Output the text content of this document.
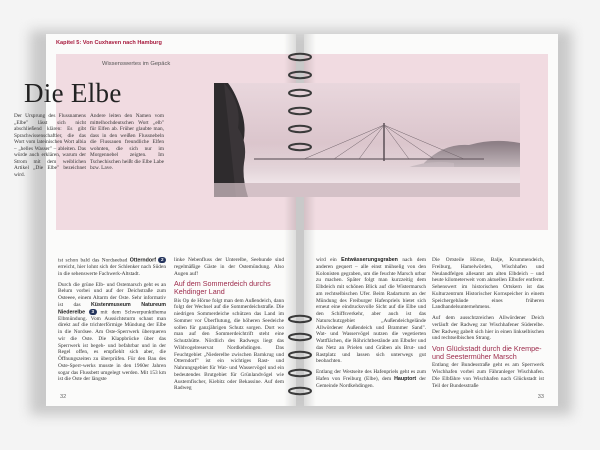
Kapitel 5: Von Cuxhaven nach Hamburg
ist schon bald das Nordseebad Otterndorf 2 erreicht, hier lohnt sich der Schlenker nach Süden in die sehenswerte Fachwerk-Altstadt.
Durch die grüne Elb- und Ostemarsch geht es an Belum vorbei und auf der Deichstraße zum Osteeee, einem Altarm der Oste. Sehr informativ ist das Küstenmuseum Natureum Niederelbe 3 mit dem Schwerpunktthema Elbmündung. Vom Aussichtsturm schaut man direkt auf die trichterförmige Mündung der Elbe in die Nordsee. Am Oste-Sperrwerk überqueren wir die Oste. Die Klappbrücke über das Sperrwerk ist begeh- und befahrbar und in der Regel offen, es empfiehlt sich aber, die Öffnungszeiten zu überprüfen. Für den Bau des Oste-Sperr-werks musste in den 1960er Jahren sogar das Flussbett umgelegt werden. Mit 153 km ist die Oste der längste
linke Nebenfluss der Unterelbe, Seehunde sind regelmäßige Gäste in der Ostemündung. Also Augen auf!
Auf dem Sommerdeich durchs Kehdinger Land
Bis Op de Hörne folgt man dem Außendeich, dann folgt der Wechsel auf die Sommerdeichstraße. Die niedrigen Sommerdeiche schützen das Land im Sommer vor Überflutung, die höheren Seedeiche sollen für ganzjährigen Schutz sorgen. Dort wo man auf den Sommerdeichtrift steht eine Schutzhütte. Nördlich des Radwegs liegt das Wildvogelreservat Nordkehdingen. Das Feuchtgebiet „Niederelbe zwischen Barnkrug und Otterndorf" ist ein wichtiges Rast- und Nahrungsgebiet für Wat- und Wasservögel und ein bedeutendes Brutgebiet für Grünlandvögel wie Austernfischer, Kiebitz oder Bekassine. Auf dem Radweg
32
wird ein Entwässerungsgraben nach dem anderen gequert – alle einst mühselig von den Kolonisten gegraben, um die feuchte Marsch urbar zu machen. Später folgt man kurzzeitig dem Elbdeich mit schönen Blick auf die Wistermarsch am rechtselbischen Ufer. Beim Radarturm an der Mündung des Freiburger Hafenpriels bietet sich erneut eine eindrucksvolle Sicht auf die Elbe und den Schiffsverkehr, aber auch ist das Naturschutzgebiet „Außendeichgelände Allwördener Außendeich und Brammer Sand". Wat- und Wasservögel nutzen die vegetierten Wattflächen, die Röhrichtbestände am Elbufer und das Netz an Prielen und Gräben als Brut- und Rastplatz und lassen sich unterwegs gut beobachten.
Entlang der Westseite des Hafenpriels geht es zum Hafen von Freiburg (Elbe), dem Hauptort der Gemeinde Nordkehdingen.
Die Ortsteile Hörne, Balje, Krummendeich, Freiburg, Hamelwörden, Wischhafen und Neulandfelgen allesamt am alten Elbdeich – und heute kilometerweit vom aktuellen Elbufer entfernt. Sehenswert im historischen Ortskern ist das Kulturzentrum Historischer Kornspeicher in einem Speichergebäude eines früheren Landhandelsunternehmens.
Auf dem ausschtzreichen Allwördener Deich verläuft der Radweg zur Wischhafener Süderelbe. Der Radweg gabelt sich hier in einen linkselbischen und rechtselbischen Strang.
Von Glückstadt durch die Krempe- und Seestermüher Marsch
Entlang der Bundesstraße geht es am Sperrwerk Wischhafen vorbei zum Fähranleger Wischhafen. Die Elbfähre von Wischhafen nach Glückstadt ist Teil der Bundesstraße
33
Wissenswertes im Gepäck
Die Elbe
Der Ursprung des Flussnamens „Elbe" lässt sich nicht abschließend klären: Es gibt Sprachwissenschaftler, die das Wort vom lateinischen Wort albia – „helles Wasser" – ableiten. Das würde auch erklären, warum der Strom mit dem weiblichen Artikel „Die Elbe" bezeichnet wird.
Andere leiten den Namen vom mittelhochdeutschen Wort „elb" für Elfen ab. Früher glaubte man, dass in den weißen Flussnebeln die Flussauen freundliche Elfen wohnten, die sich nur im Morgennebel zeigten. Im Tschechischen heißt die Elbe Labe bzw. Lave.
